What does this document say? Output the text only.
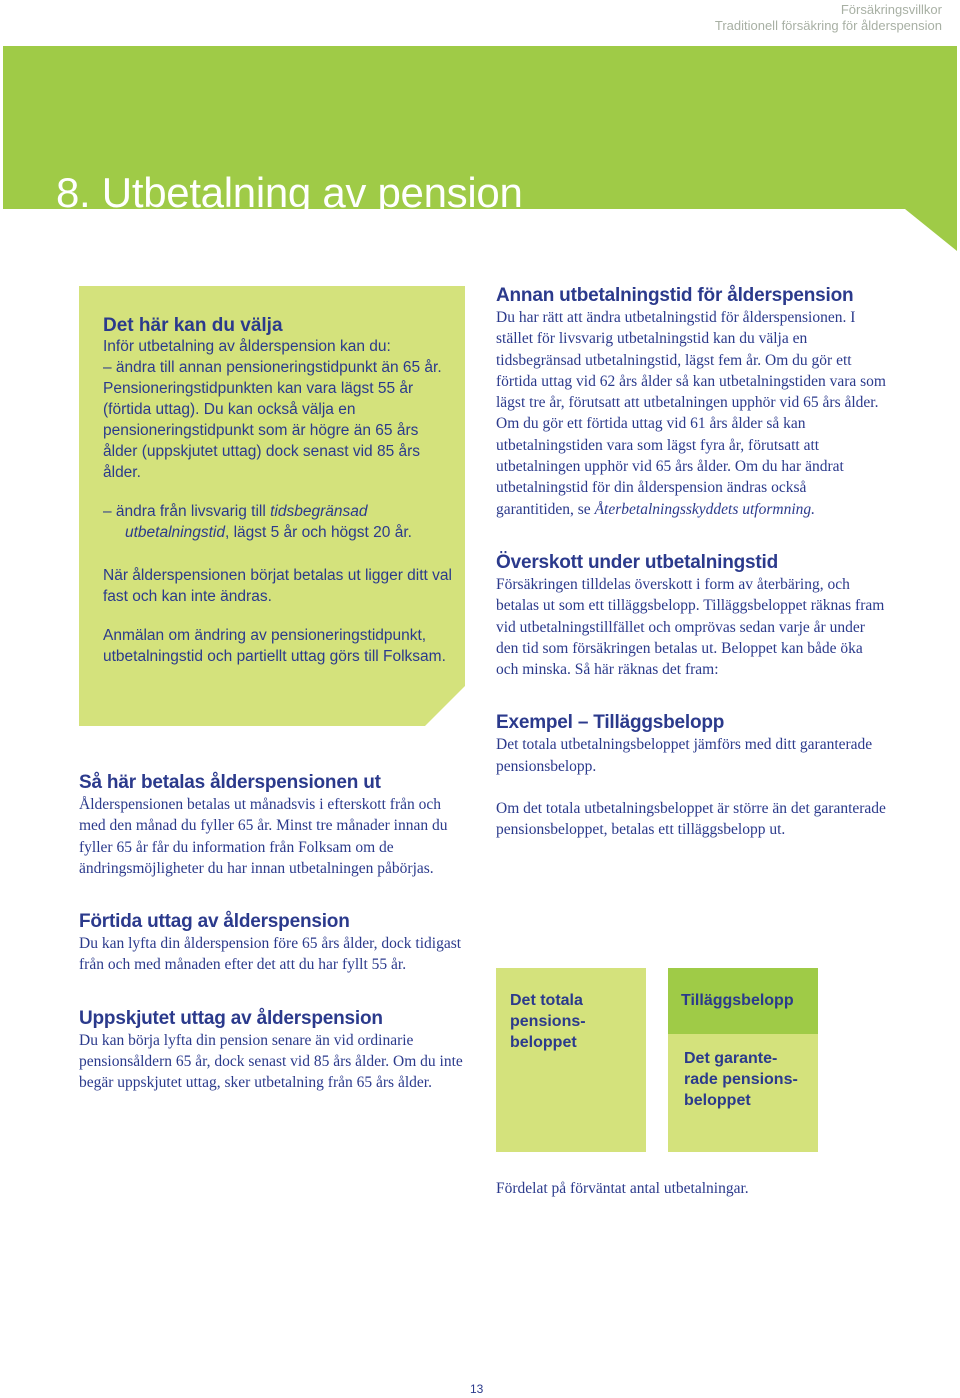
Försäkringsvillkor
Traditionell försäkring för ålderspension
8. Utbetalning av pension
Det här kan du välja

Inför utbetalning av ålderspension kan du:

– ändra till annan pensioneringstidpunkt än 65 år. Pensioneringstidpunkten kan vara lägst 55 år (förtida uttag). Du kan också välja en pensioneringstidpunkt som är högre än 65 års ålder (uppskjutet uttag) dock senast vid 85 års ålder.

– ändra från livsvarig till tidsbegränsad utbetalningstid, lägst 5 år och högst 20 år.

När ålderspensionen börjat betalas ut ligger ditt val fast och kan inte ändras.

Anmälan om ändring av pensioneringstidpunkt, utbetalningstid och partiellt uttag görs till Folksam.

Så här betalas ålderspensionen ut

Ålderspensionen betalas ut månadsvis i efterskott från och med den månad du fyller 65 år. Minst tre månader innan du fyller 65 år får du information från Folksam om de ändringsmöjligheter du har innan utbetalningen påbörjas.

Förtida uttag av ålderspension

Du kan lyfta din ålderspension före 65 års ålder, dock tidigast från och med månaden efter det att du har fyllt 55 år.

Uppskjutet uttag av ålderspension

Du kan börja lyfta din pension senare än vid ordinarie pensionsåldern 65 år, dock senast vid 85 års ålder. Om du inte begär uppskjutet uttag, sker utbetalning från 65 års ålder.

Annan utbetalningstid för ålderspension

Du har rätt att ändra utbetalningstid för ålderspensionen. I stället för livsvarig utbetalningstid kan du välja en tidsbegränsad utbetalningstid, lägst fem år. Om du gör ett förtida uttag vid 62 års ålder så kan utbetalningstiden vara som lägst tre år, förutsatt att utbetalningen upphör vid 65 års ålder. Om du gör ett förtida uttag vid 61 års ålder så kan utbetalningstiden vara som lägst fyra år, förutsatt att utbetalningen upphör vid 65 års ålder. Om du har ändrat utbetalningstid för din ålderspension ändras också garantitiden, se Återbetalningsskyddets utformning.

Överskott under utbetalningstid

Försäkringen tilldelas överskott i form av återbäring, och betalas ut som ett tilläggsbelopp. Tilläggsbeloppet räknas fram vid utbetalningstillfället och omprövas sedan varje år under den tid som försäkringen betalas ut. Beloppet kan både öka och minska. Så här räknas det fram:

Exempel – Tilläggsbelopp

Det totala utbetalningsbeloppet jämförs med ditt garanterade pensionsbelopp.

Om det totala utbetalningsbeloppet är större än det garanterade pensionsbeloppet, betalas ett tilläggsbelopp ut.

Det totala pensions-beloppet
Tilläggsbelopp
Det garante-rade pensions-beloppet
Fördelat på förväntat antal utbetalningar.
13
